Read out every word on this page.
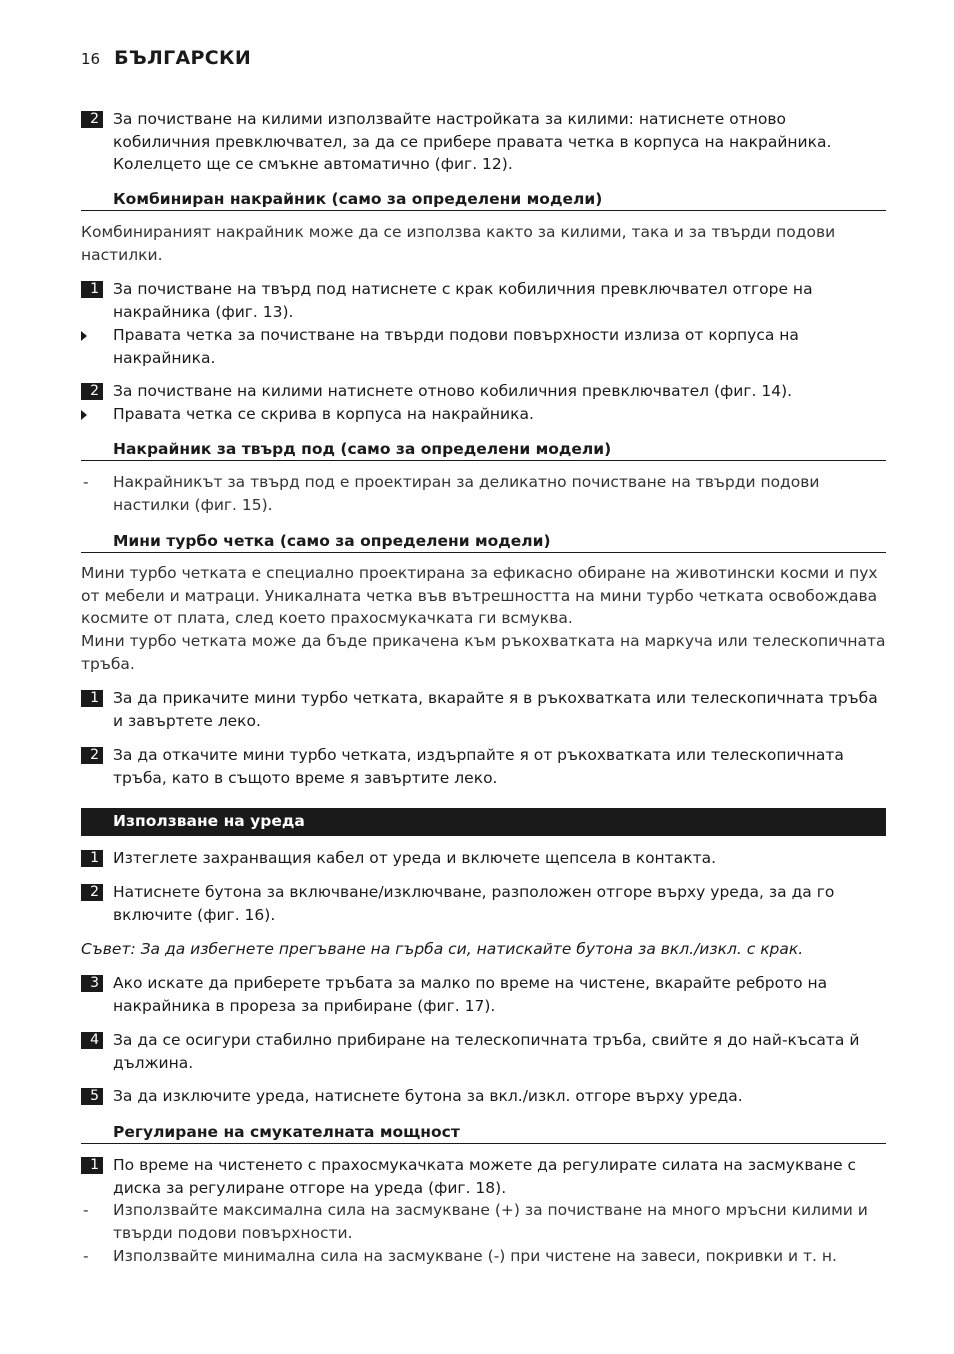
16 БЪЛГАРСКИ
2 За почистване на килими използвайте настройката за килими: натиснете отново кобиличния превключвател, за да се прибере правата четка в корпуса на накрайника. Колелцето ще се смъкне автоматично (фиг. 12).
Комбиниран накрайник (само за определени модели)
Комбинираният накрайник може да се използва както за килими, така и за твърди подови настилки.
1 За почистване на твърд под натиснете с крак кобиличния превключвател отгоре на накрайника (фиг. 13).
Правата четка за почистване на твърди подови повърхности излиза от корпуса на накрайника.
2 За почистване на килими натиснете отново кобиличния превключвател (фиг. 14).
Правата четка се скрива в корпуса на накрайника.
Накрайник за твърд под (само за определени модели)
- Накрайникът за твърд под е проектиран за деликатно почистване на твърди подови настилки (фиг. 15).
Мини турбо четка (само за определени модели)
Мини турбо четката е специално проектирана за ефикасно обиране на животински косми и пух от мебели и матраци. Уникалната четка във вътрешността на мини турбо четката освобождава космите от плата, след което прахосмукачката ги всмуква.
Мини турбо четката може да бъде прикачена към ръкохватката на маркуча или телескопичната тръба.
1 За да прикачите мини турбо четката, вкарайте я в ръкохватката или телескопичната тръба и завъртете леко.
2 За да откачите мини турбо четката, издърпайте я от ръкохватката или телескопичната тръба, като в същото време я завъртите леко.
Използване на уреда
1 Изтеглете захранващия кабел от уреда и включете щепсела в контакта.
2 Натиснете бутона за включване/изключване, разположен отгоре върху уреда, за да го включите (фиг. 16).
Съвет: За да избегнете прегъване на гърба си, натискайте бутона за вкл./изкл. с крак.
3 Ако искате да приберете тръбата за малко по време на чистене, вкарайте реброто на накрайника в прореза за прибиране (фиг. 17).
4 За да се осигури стабилно прибиране на телескопичната тръба, свийте я до най-късата й дължина.
5 За да изключите уреда, натиснете бутона за вкл./изкл. отгоре върху уреда.
Регулиране на смукателната мощност
1 По време на чистенето с прахосмукачката можете да регулирате силата на засмукване с диска за регулиране отгоре на уреда (фиг. 18).
- Използвайте максимална сила на засмукване (+) за почистване на много мръсни килими и твърди подови повърхности.
- Използвайте минимална сила на засмукване (-) при чистене на завеси, покривки и т. н.
